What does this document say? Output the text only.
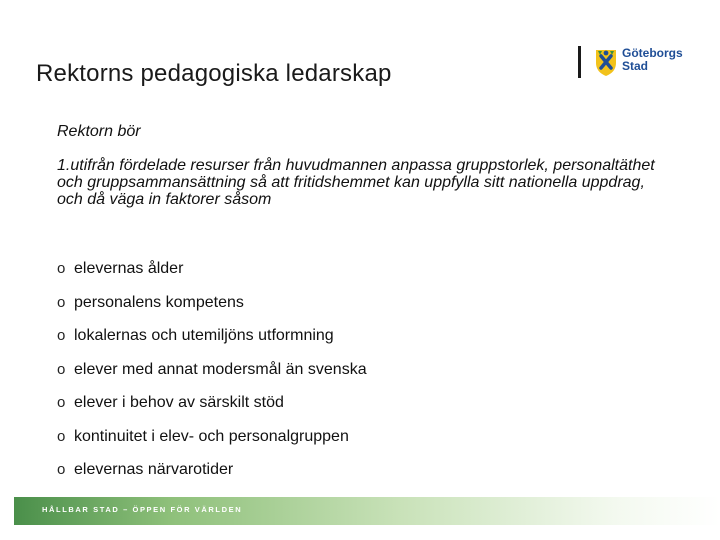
Rektorns pedagogiska ledarskap
Göteborgs
Stad
Rektorn bör
1.utifrån fördelade resurser från huvudmannen anpassa gruppstorlek, personaltäthet och gruppsammansättning så att fritidshemmet kan uppfylla sitt nationella uppdrag, och då väga in faktorer såsom
o elevernas ålder
o personalens kompetens
o lokalernas och utemiljöns utformning
o elever med annat modersmål än svenska
o elever i behov av särskilt stöd
o kontinuitet i elev- och personalgruppen
o elevernas närvarotider
HÅLLBAR STAD – ÖPPEN FÖR VÄRLDEN
